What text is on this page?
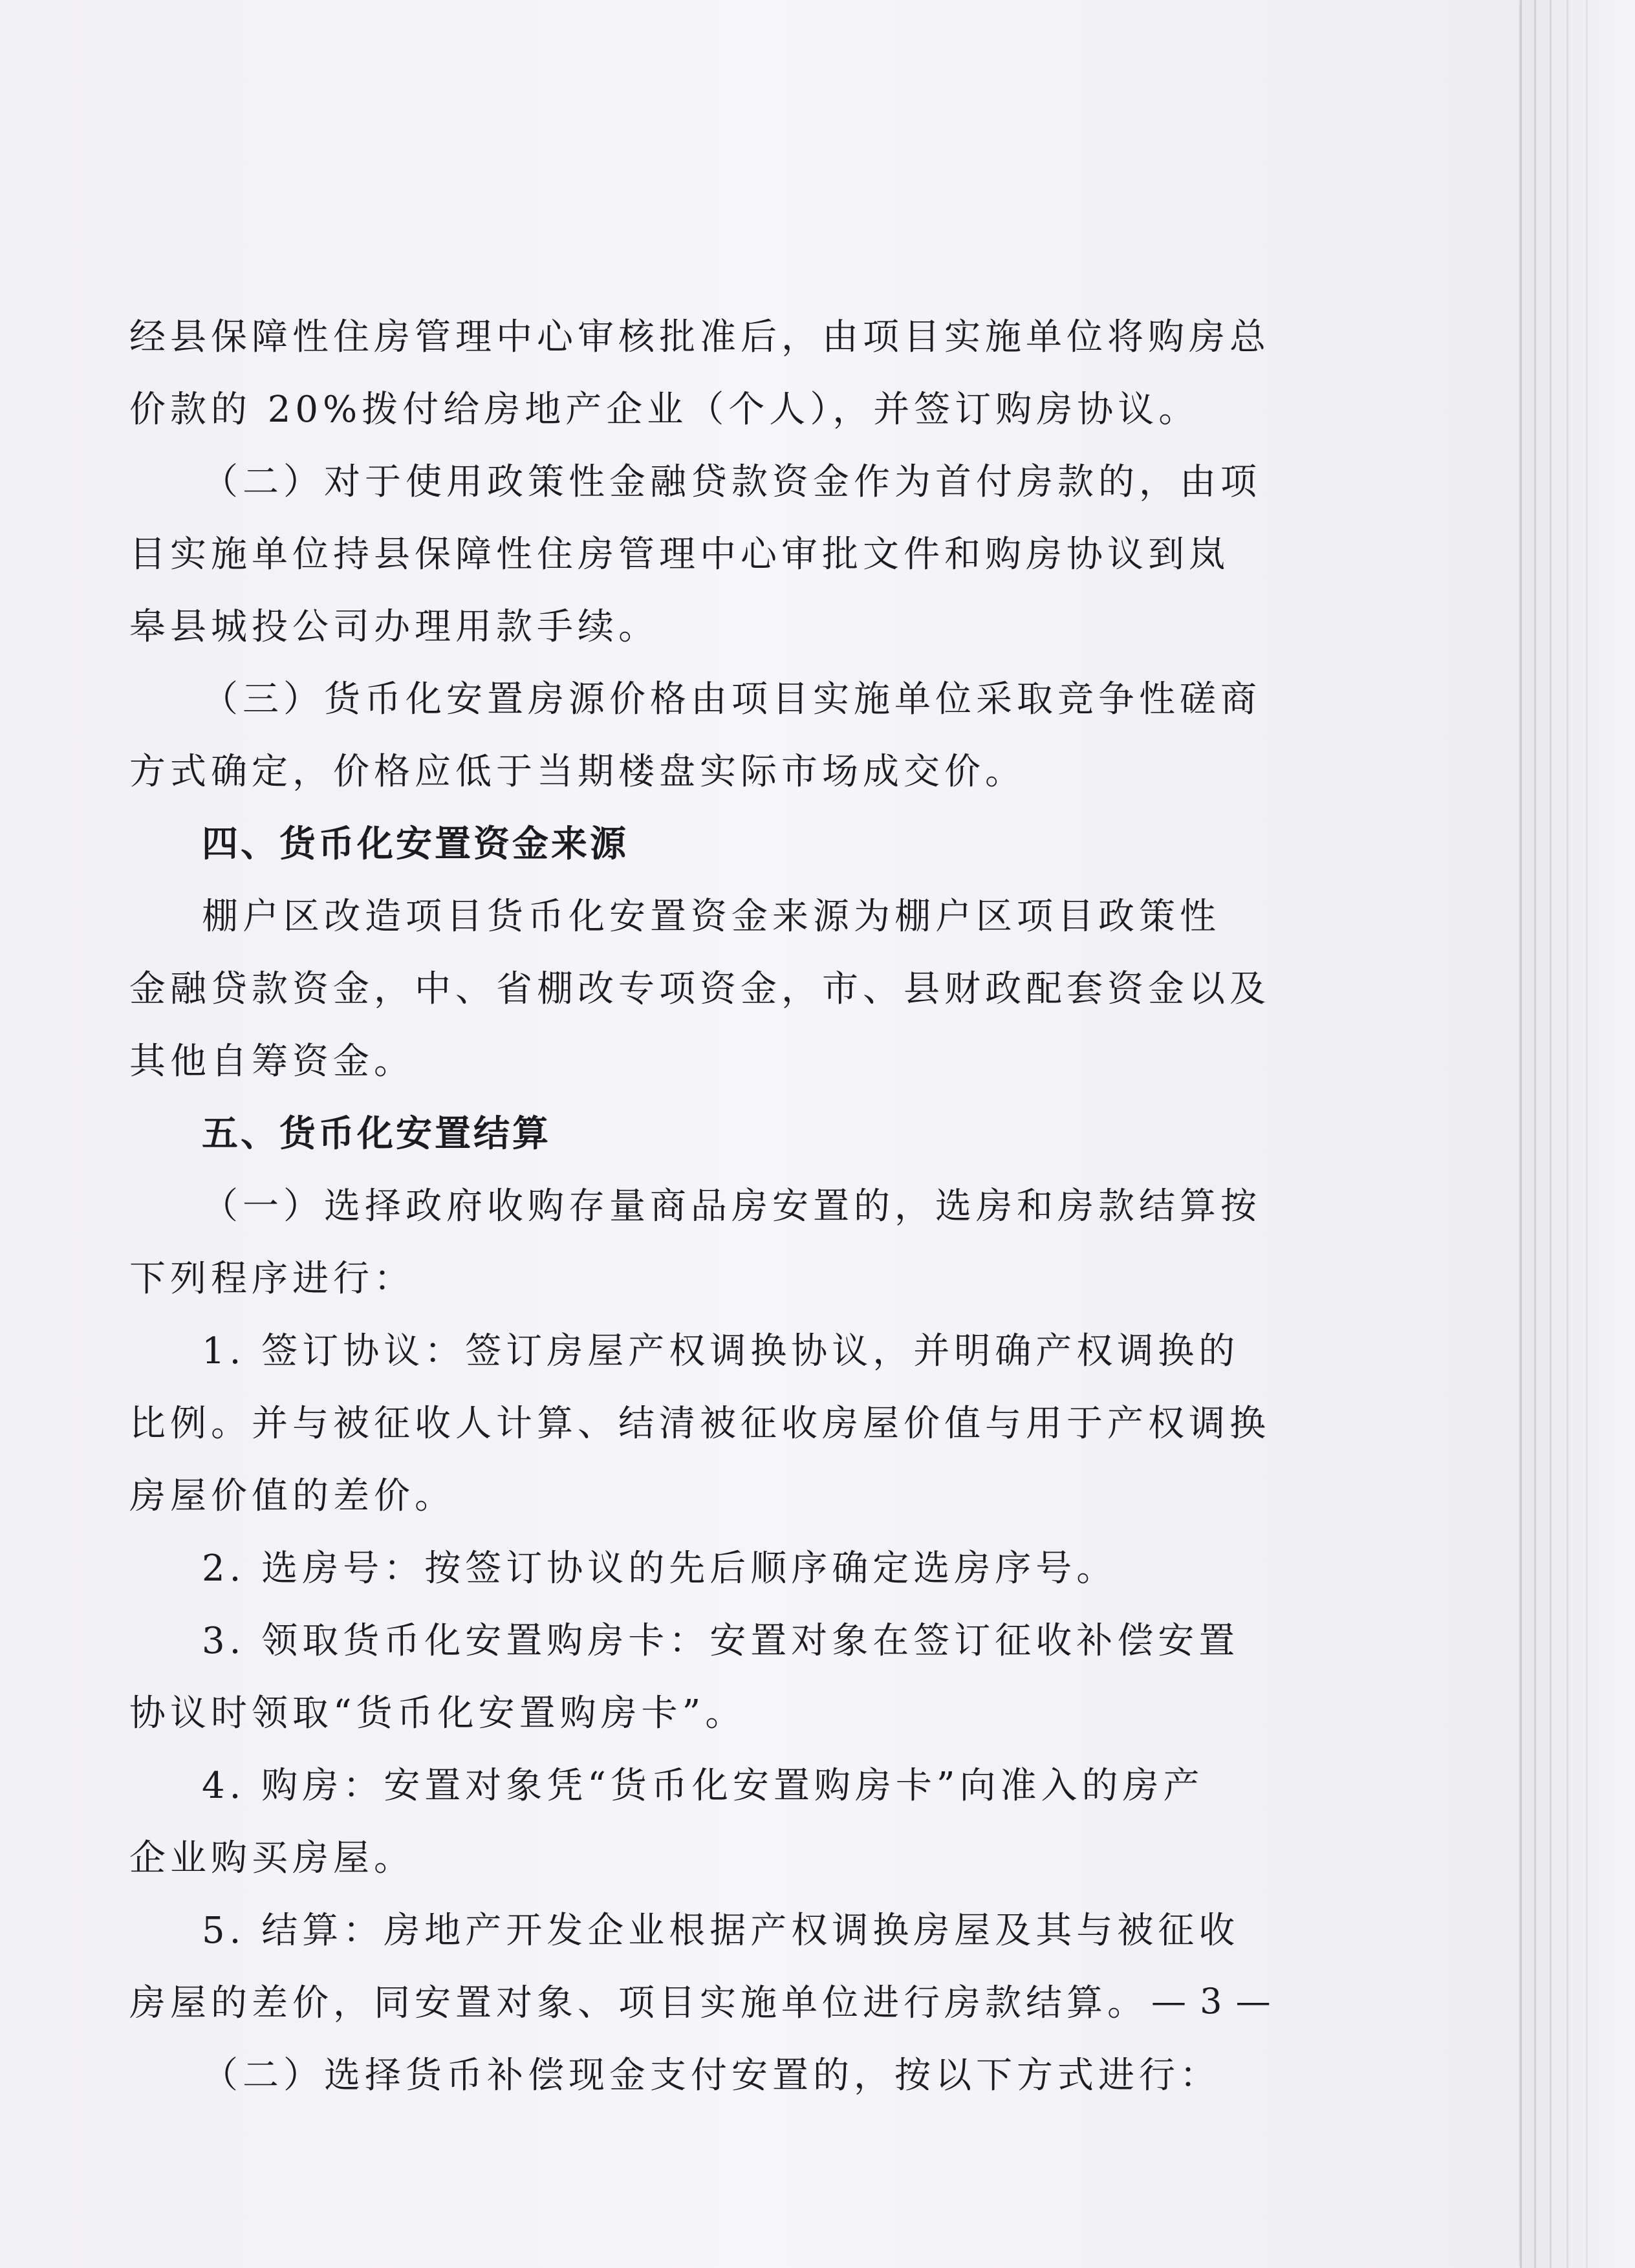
经县保障性住房管理中心审核批准后，由项目实施单位将购房总
价款的 20%拨付给房地产企业（个人），并签订购房协议。
（二）对于使用政策性金融贷款资金作为首付房款的，由项
目实施单位持县保障性住房管理中心审批文件和购房协议到岚
皋县城投公司办理用款手续。
（三）货币化安置房源价格由项目实施单位采取竞争性磋商
方式确定，价格应低于当期楼盘实际市场成交价。
四、货币化安置资金来源
棚户区改造项目货币化安置资金来源为棚户区项目政策性
金融贷款资金，中、省棚改专项资金，市、县财政配套资金以及
其他自筹资金。
五、货币化安置结算
（一）选择政府收购存量商品房安置的，选房和房款结算按
下列程序进行：
1. 签订协议：签订房屋产权调换协议，并明确产权调换的
比例。并与被征收人计算、结清被征收房屋价值与用于产权调换
房屋价值的差价。
2. 选房号：按签订协议的先后顺序确定选房序号。
3. 领取货币化安置购房卡：安置对象在签订征收补偿安置
协议时领取“货币化安置购房卡”。
4. 购房：安置对象凭“货币化安置购房卡”向准入的房产
企业购买房屋。
5. 结算：房地产开发企业根据产权调换房屋及其与被征收
房屋的差价，同安置对象、项目实施单位进行房款结算。
（二）选择货币补偿现金支付安置的，按以下方式进行：
— 3 —
